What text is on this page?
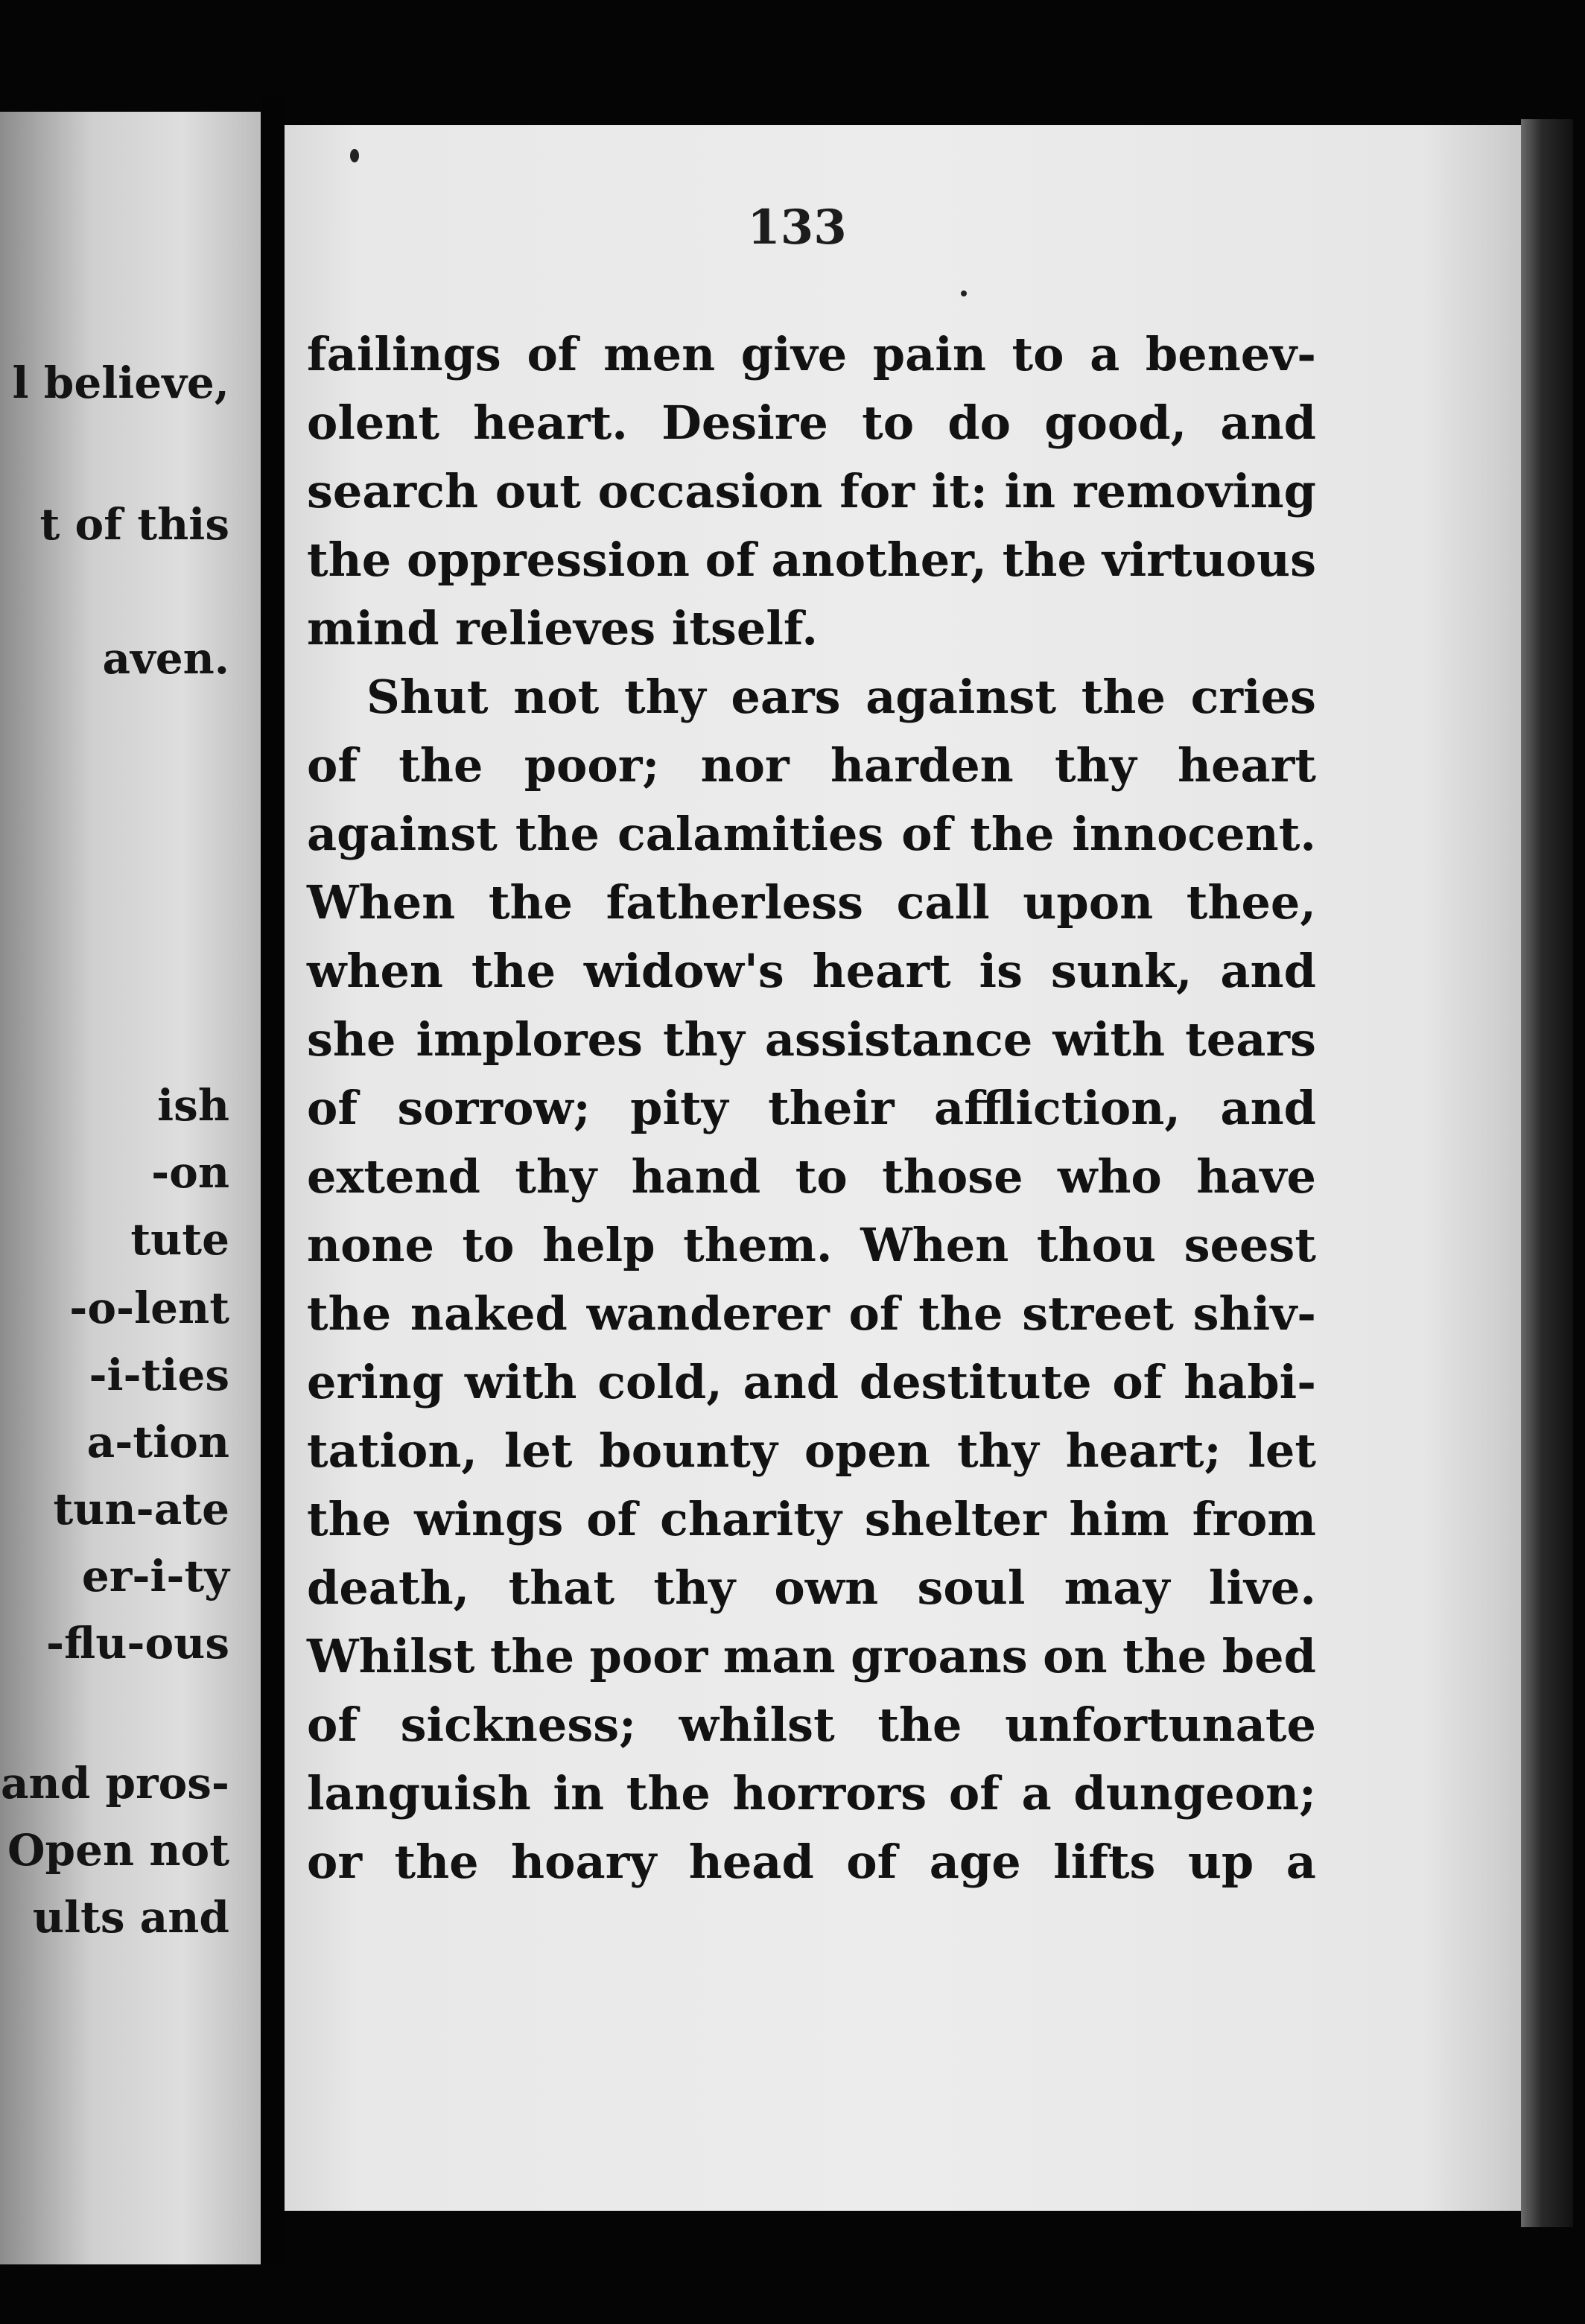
l believe,
t of this
aven.
ish
-on
tute
-o-lent
-i-ties
a-tion
tun-ate
er-i-ty
-flu-ous
and pros-
Open not
ults and
133
failings of men give pain to a benev-
olent heart. Desire to do good, and
search out occasion for it: in removing
the oppression of another, the virtuous
mind relieves itself.
Shut not thy ears against the cries
of the poor; nor harden thy heart
against the calamities of the innocent.
When the fatherless call upon thee,
when the widow's heart is sunk, and
she implores thy assistance with tears
of sorrow; pity their affliction, and
extend thy hand to those who have
none to help them. When thou seest
the naked wanderer of the street shiv-
ering with cold, and destitute of habi-
tation, let bounty open thy heart; let
the wings of charity shelter him from
death, that thy own soul may live.
Whilst the poor man groans on the bed
of sickness; whilst the unfortunate
languish in the horrors of a dungeon;
or the hoary head of age lifts up a
